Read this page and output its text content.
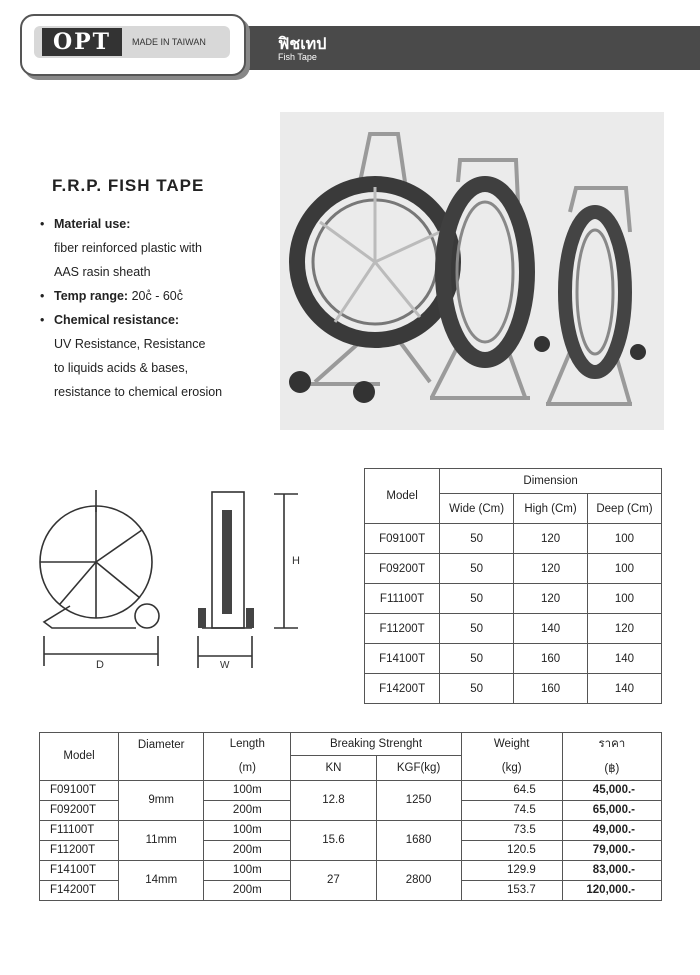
OPT	MADE IN TAIWAN	ฟิชเทป
Fish Tape
F.R.P. FISH TAPE
• Material use:
fiber reinforced plastic with
AAS rasin sheath
• Temp range: 20c̊ - 60c̊
• Chemical resistance:
UV Resistance, Resistance
to liquids acids & bases,
resistance to chemical erosion
H
D	W
Model	Dimension		
	Wide (Cm)	High (Cm)	Deep (Cm)
F09100T	50	120	100
F09200T	50	120	100
F11100T	50	120	100
F11200T	50	140	120
F14100T	50	160	140
F14200T	50	160	140
Model	Diameter	Length	Breaking Strenght		Weight	ราคา
		(m)	KN	KGF(kg)	(kg)	(฿)
F09100T	9mm	100m	12.8	1250	64.5	45,000.-
F09200T		200m			74.5	65,000.-
F11100T	11mm	100m	15.6	1680	73.5	49,000.-
F11200T		200m			120.5	79,000.-
F14100T	14mm	100m	27	2800	129.9	83,000.-
F14200T		200m			153.7	120,000.-
